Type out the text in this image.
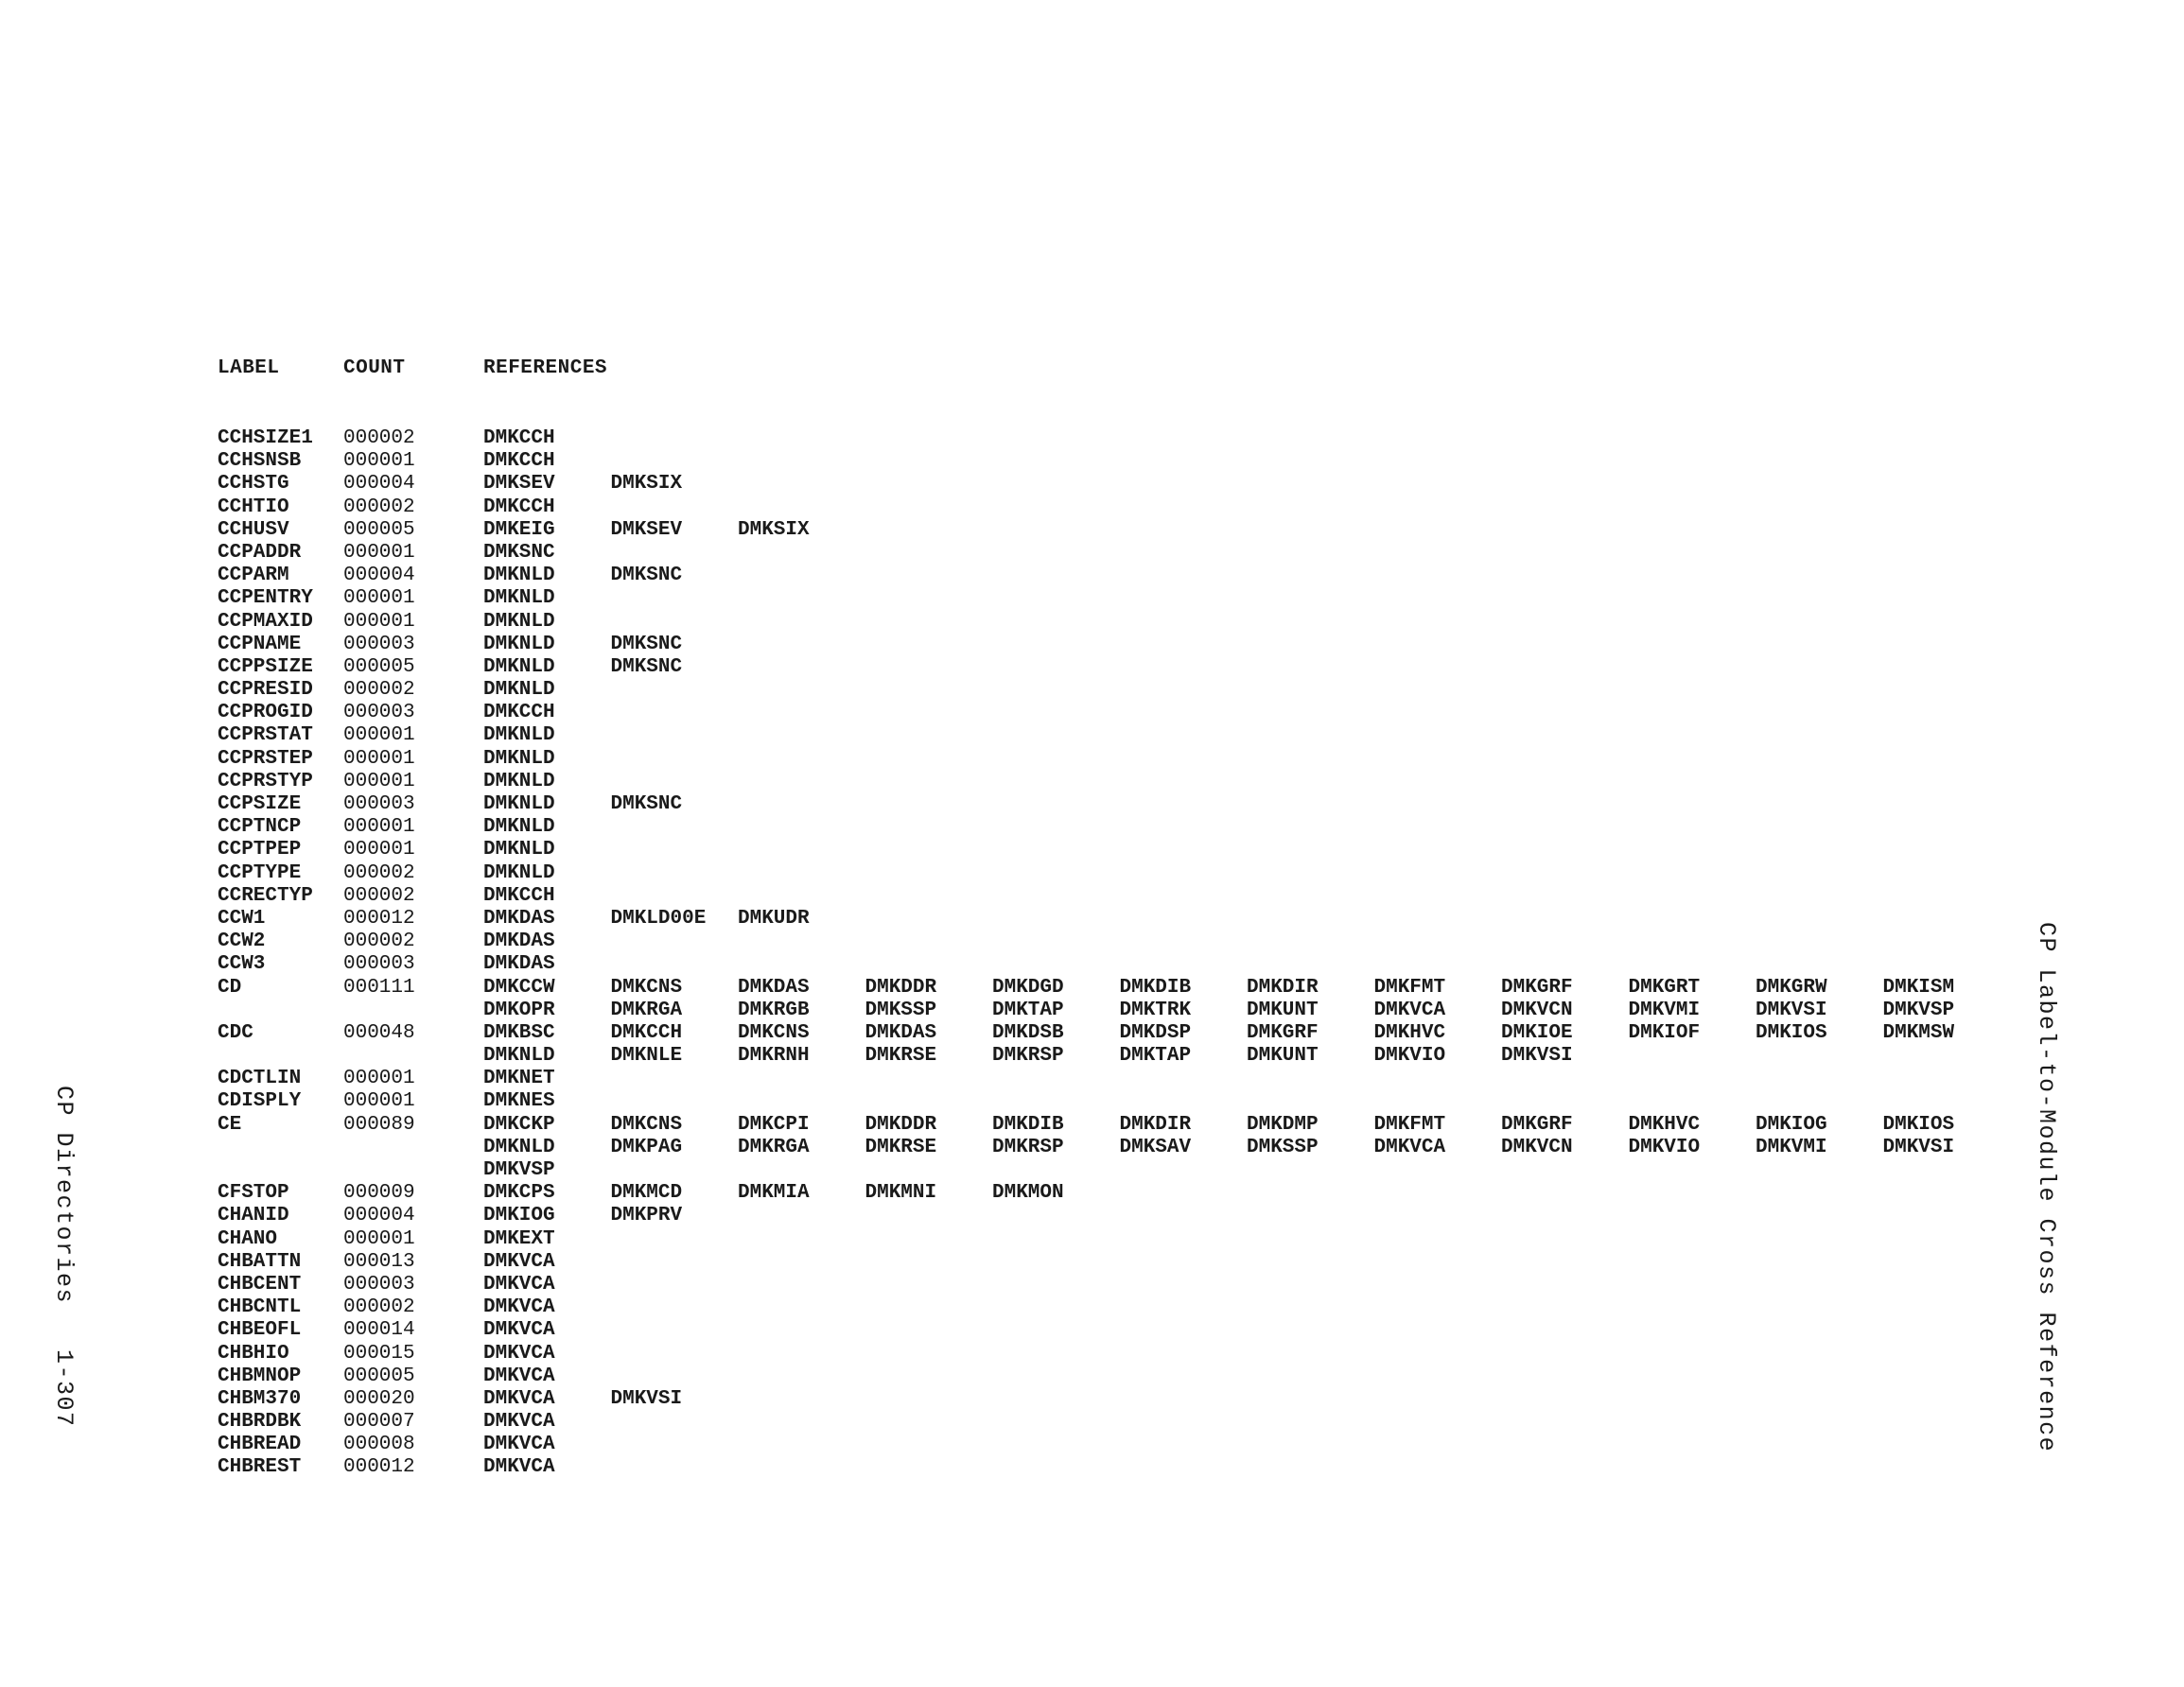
LABEL	COUNT	REFERENCES
CCHSIZE1 000002	DMKCCH
CCHSNSB 000001	DMKCCH
CCHSTG	000004	DMKSEV	DMKSIX
CCHTIO	000002	DMKCCH
CCHUSV	000005	DMKEIG	DMKSEV	DMKSIX
CCPADDR 000001	DMKSNC
CCPARM	000004	DMKNLD	DMKSNC
CCPENTRY 000001	DMKNLD
CCPMAXID 000001	DMKNLD
CCPNAME 000003	DMKNLD	DMKSNC
CCPPSIZE 000005	DMKNLD	DMKSNC
CCPRESID 000002	DMKNLD
CCPROGID 000003	DMKCCH
CCPRSTAT 000001	DMKNLD
CCPRSTEP 000001	DMKNLD
CCPRSTYP 000001	DMKNLD
CCPSIZE 000003	DMKNLD	DMKSNC
CCPTNCP 000001	DMKNLD
CCPTPEP 000001	DMKNLD
CCPTYPE 000002	DMKNLD
CCRECTYP 000002	DMKCCH
CCW1	000012	DMKDAS	DMKLD00E DMKUDR
CCW2	000002	DMKDAS
CCW3	000003	DMKDAS
CD	000111	DMKCCW	DMKCNS	DMKDAS	DMKDDR	DMKDGD	DMKDIB	DMKDIR	DMKFMT	DMKGRF	DMKGRT	DMKGRW	DMKISM
DMKOPR	DMKRGA	DMKRGB	DMKSSP	DMKTAP	DMKTRK	DMKUNT	DMKVCA	DMKVCN	DMKVMI	DMKVSI	DMKVSP
CDC	000048	DMKBSC	DMKCCH	DMKCNS	DMKDAS	DMKDSB	DMKDSP	DMKGRF	DMKHVC	DMKIOE	DMKIOF	DMKIOS	DMKMSW
DMKNLD	DMKNLE	DMKRNH	DMKRSE	DMKRSP	DMKTAP	DMKUNT	DMKVIO	DMKVSI
CDCTLIN 000001	DMKNET
CDISPLY 000001	DMKNES
CE	000089	DMKCKP	DMKCNS	DMKCPI	DMKDDR	DMKDIB	DMKDIR	DMKDMP	DMKFMT	DMKGRF	DMKHVC	DMKIOG	DMKIOS
DMKNLD	DMKPAG	DMKRGA	DMKRSE	DMKRSP	DMKSAV	DMKSSP	DMKVCA	DMKVCN	DMKVIO	DMKVMI	DMKVSI
DMKVSP
CFSTOP	000009	DMKCPS	DMKMCD	DMKMIA	DMKMNI	DMKMON
CHANID	000004	DMKIOG	DMKPRV
CHANO	000001	DMKEXT
CHBATTN 000013	DMKVCA
CHBCENT 000003	DMKVCA
CHBCNTL 000002	DMKVCA
CHBEOFL 000014	DMKVCA
CHBHIO	000015	DMKVCA
CHBMNOP 000005	DMKVCA
CHBM370 000020	DMKVCA	DMKVSI
CHBRDBK 000007	DMKVCA
CHBREAD 000008	DMKVCA
CHBREST 000012	DMKVCA
CP Label-to-Module Cross Reference
CP Directories1-307
